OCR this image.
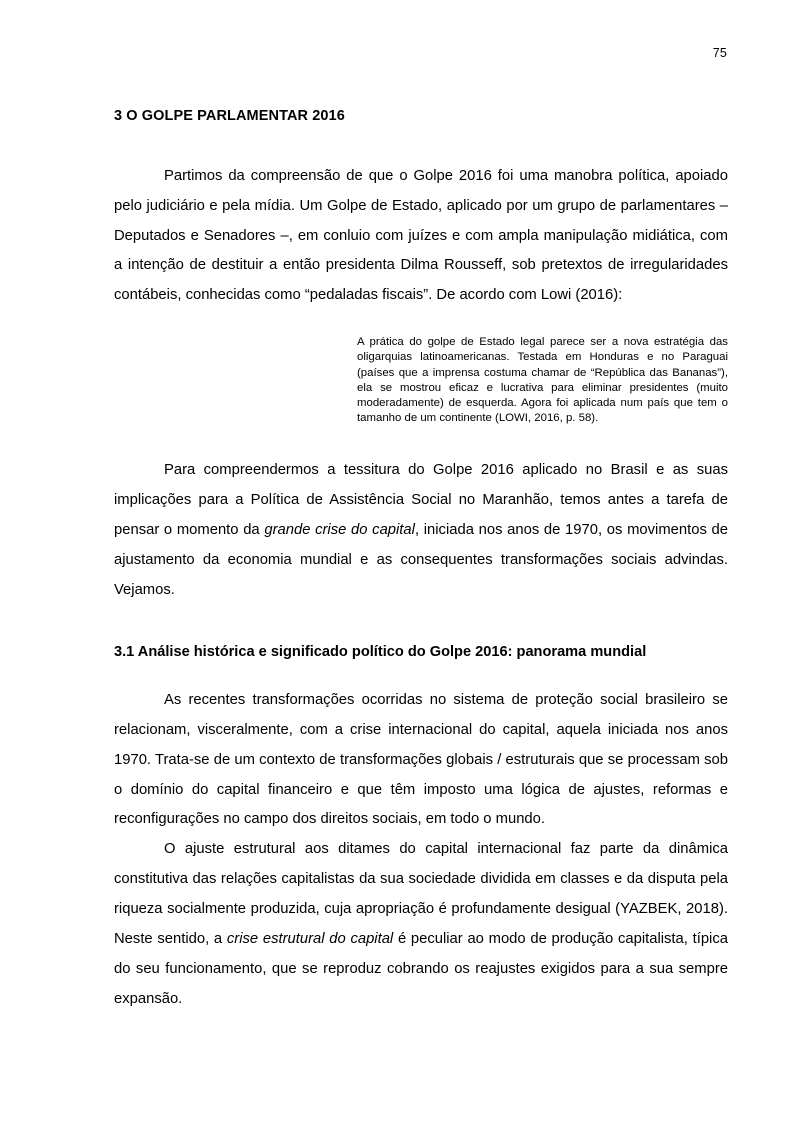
75
3 O GOLPE PARLAMENTAR 2016

Partimos da compreensão de que o Golpe 2016 foi uma manobra política, apoiado pelo judiciário e pela mídia. Um Golpe de Estado, aplicado por um grupo de parlamentares – Deputados e Senadores –, em conluio com juízes e com ampla manipulação midiática, com a intenção de destituir a então presidenta Dilma Rousseff, sob pretextos de irregularidades contábeis, conhecidas como “pedaladas fiscais”. De acordo com Lowi (2016):

A prática do golpe de Estado legal parece ser a nova estratégia das oligarquias latinoamericanas. Testada em Honduras e no Paraguai (países que a imprensa costuma chamar de “República das Bananas”), ela se mostrou eficaz e lucrativa para eliminar presidentes (muito moderadamente) de esquerda. Agora foi aplicada num país que tem o tamanho de um continente (LOWI, 2016, p. 58).

Para compreendermos a tessitura do Golpe 2016 aplicado no Brasil e as suas implicações para a Política de Assistência Social no Maranhão, temos antes a tarefa de pensar o momento da grande crise do capital, iniciada nos anos de 1970, os movimentos de ajustamento da economia mundial e as consequentes transformações sociais advindas. Vejamos.

3.1 Análise histórica e significado político do Golpe 2016: panorama mundial

As recentes transformações ocorridas no sistema de proteção social brasileiro se relacionam, visceralmente, com a crise internacional do capital, aquela iniciada nos anos 1970. Trata-se de um contexto de transformações globais / estruturais que se processam sob o domínio do capital financeiro e que têm imposto uma lógica de ajustes, reformas e reconfigurações no campo dos direitos sociais, em todo o mundo.

O ajuste estrutural aos ditames do capital internacional faz parte da dinâmica constitutiva das relações capitalistas da sua sociedade dividida em classes e da disputa pela riqueza socialmente produzida, cuja apropriação é profundamente desigual (YAZBEK, 2018). Neste sentido, a crise estrutural do capital é peculiar ao modo de produção capitalista, típica do seu funcionamento, que se reproduz cobrando os reajustes exigidos para a sua sempre expansão.
